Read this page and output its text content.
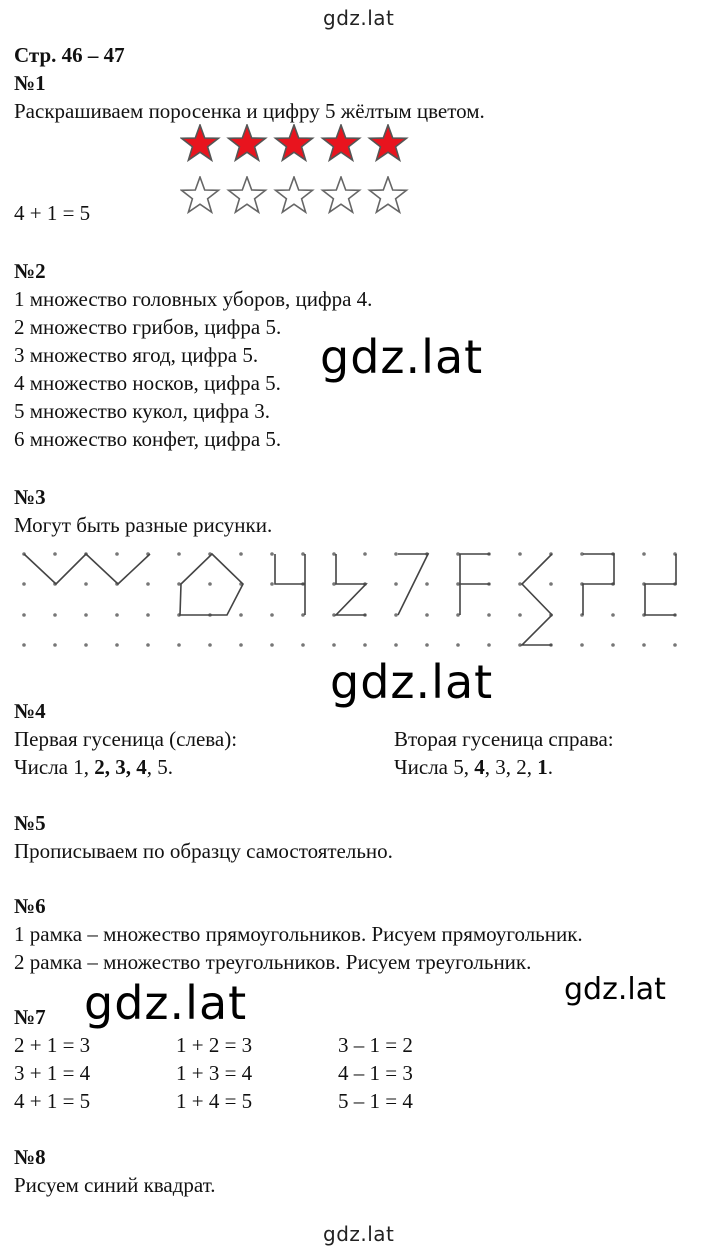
gdz.lat
Стр. 46 – 47
№1
Раскрашиваем поросенка и цифру 5 жёлтым цветом.
4 + 1 = 5
№2
1 множество головных уборов, цифра 4.
2 множество грибов, цифра 5.
3 множество ягод, цифра 5.
4 множество носков, цифра 5.
5 множество кукол, цифра 3.
6 множество конфет, цифра 5.
gdz.lat
№3
Могут быть разные рисунки.
gdz.lat
№4
Первая гусеница (слева):
Числа 1, 2, 3, 4, 5.
Вторая гусеница справа:
Числа 5, 4, 3, 2, 1.
№5
Прописываем по образцу самостоятельно.
№6
1 рамка – множество прямоугольников. Рисуем прямоугольник.
2 рамка – множество треугольников. Рисуем треугольник.
gdz.lat	gdz.lat
№7
2 + 1 = 3	1 + 2 = 3	3 – 1 = 2
3 + 1 = 4	1 + 3 = 4	4 – 1 = 3
4 + 1 = 5	1 + 4 = 5	5 – 1 = 4
№8
Рисуем синий квадрат.
gdz.lat
